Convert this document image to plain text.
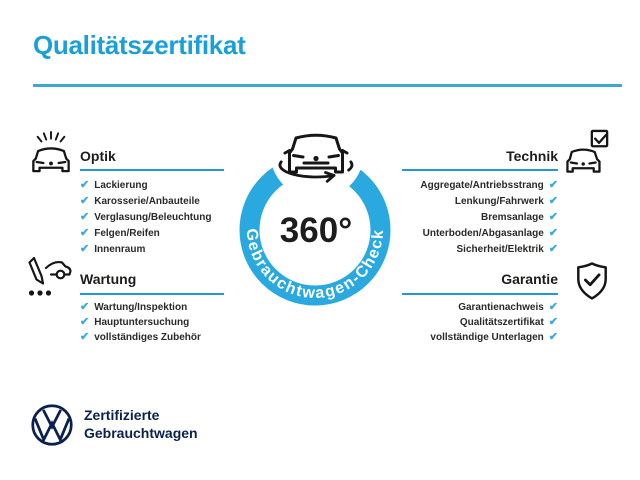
Qualitätszertifikat
Optik
✔ Lackierung
✔ Karosserie/Anbauteile
✔ Verglasung/Beleuchtung
✔ Felgen/Reifen
✔ Innenraum
Technik
Aggregate/Antriebsstrang ✔
Lenkung/Fahrwerk ✔
Bremsanlage ✔
Unterboden/Abgasanlage ✔
Sicherheit/Elektrik ✔
Wartung
✔ Wartung/Inspektion
✔ Hauptuntersuchung
✔ vollständiges Zubehör
Garantie
Garantienachweis ✔
Qualitätszertifikat ✔
vollständige Unterlagen ✔
360°
Gebrauchtwagen-Check
Zertifizierte
Gebrauchtwagen
